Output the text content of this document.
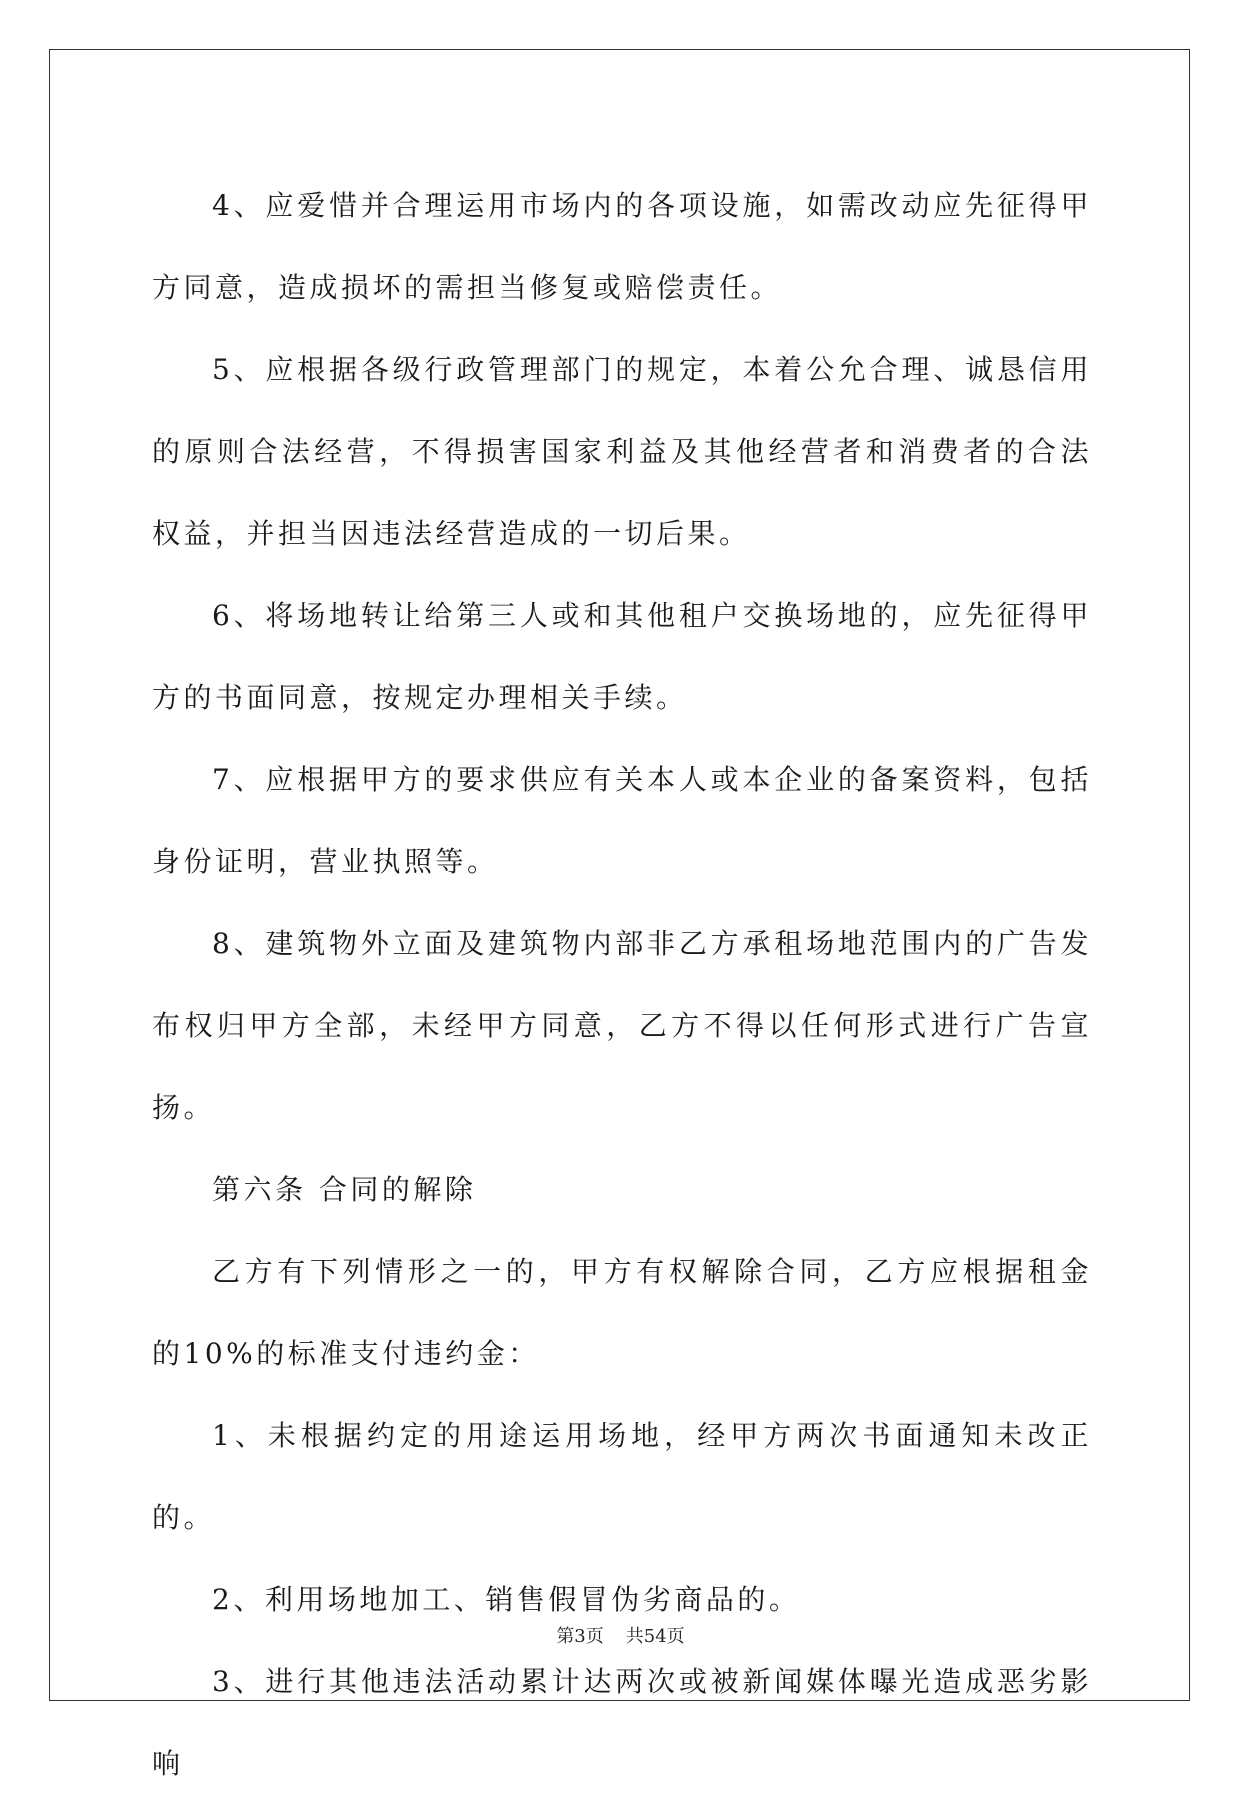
4、应爱惜并合理运用市场内的各项设施，如需改动应先征得甲方同意，造成损坏的需担当修复或赔偿责任。

5、应根据各级行政管理部门的规定，本着公允合理、诚恳信用的原则合法经营，不得损害国家利益及其他经营者和消费者的合法权益，并担当因违法经营造成的一切后果。

6、将场地转让给第三人或和其他租户交换场地的，应先征得甲方的书面同意，按规定办理相关手续。

7、应根据甲方的要求供应有关本人或本企业的备案资料，包括身份证明，营业执照等。

8、建筑物外立面及建筑物内部非乙方承租场地范围内的广告发布权归甲方全部，未经甲方同意，乙方不得以任何形式进行广告宣扬。

第六条 合同的解除

乙方有下列情形之一的，甲方有权解除合同，乙方应根据租金的10%的标准支付违约金：

1、未根据约定的用途运用场地，经甲方两次书面通知未改正的。

2、利用场地加工、销售假冒伪劣商品的。

3、进行其他违法活动累计达两次或被新闻媒体曝光造成恶劣影响

第3页 共54页
